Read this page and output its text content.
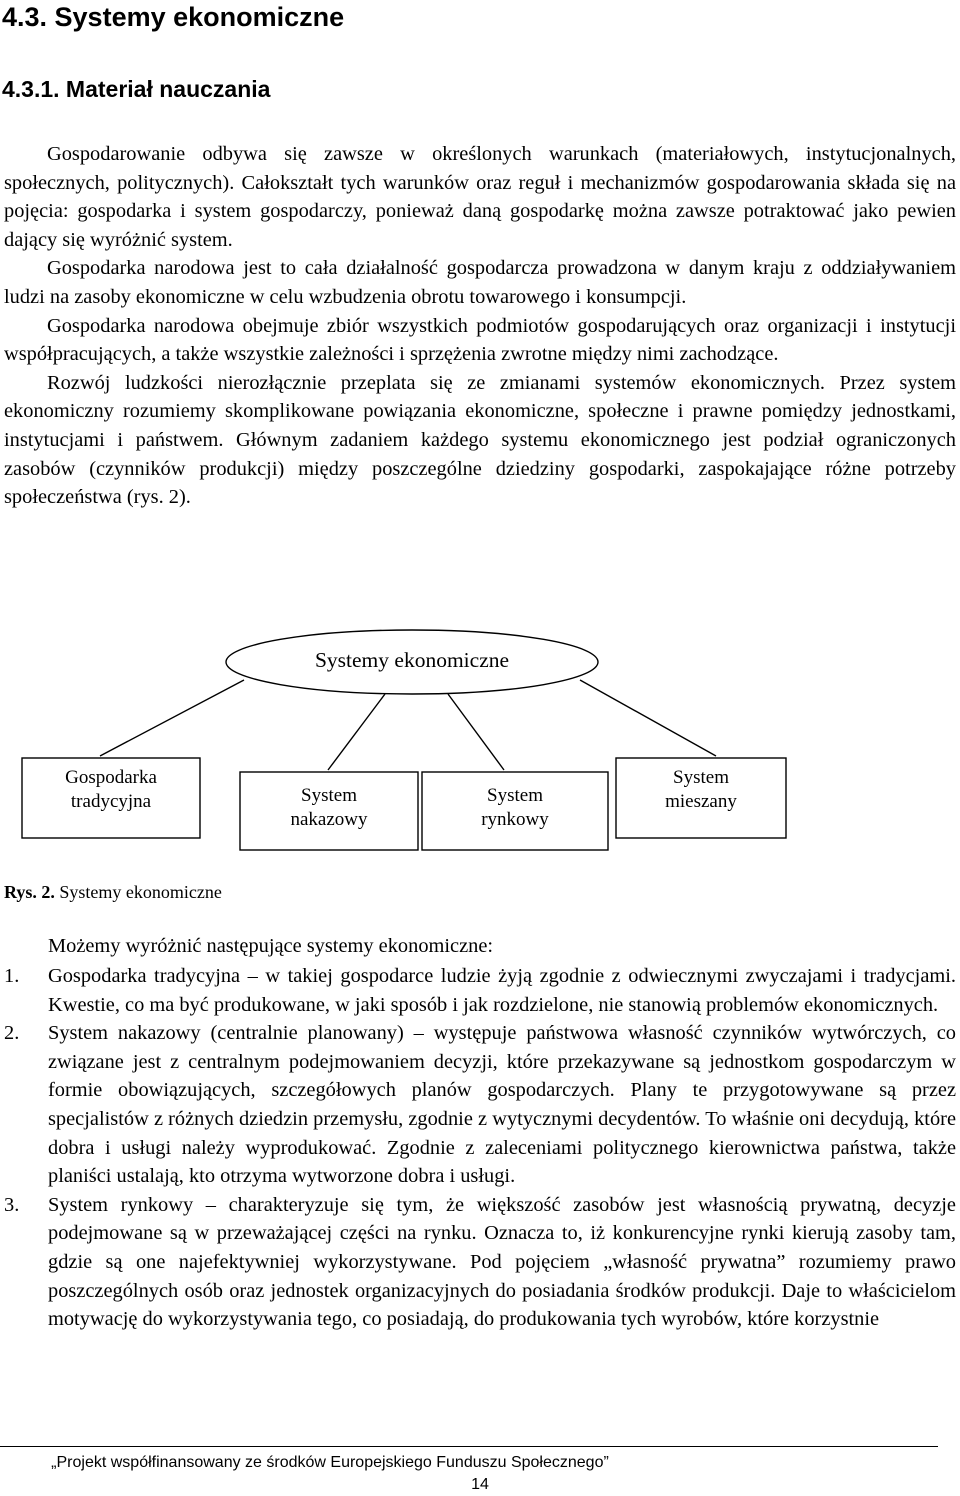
4.3. Systemy ekonomiczne
4.3.1. Materiał nauczania

Gospodarowanie odbywa się zawsze w określonych warunkach (materiałowych, instytucjonalnych, społecznych, politycznych). Całokształt tych warunków oraz reguł i mechanizmów gospodarowania składa się na pojęcia: gospodarka i system gospodarczy, ponieważ daną gospodarkę można zawsze potraktować jako pewien dający się wyróżnić system.

Gospodarka narodowa jest to cała działalność gospodarcza prowadzona w danym kraju z oddziaływaniem ludzi na zasoby ekonomiczne w celu wzbudzenia obrotu towarowego i konsumpcji.

Gospodarka narodowa obejmuje zbiór wszystkich podmiotów gospodarujących oraz organizacji i instytucji współpracujących, a także wszystkie zależności i sprzężenia zwrotne między nimi zachodzące.

Rozwój ludzkości nierozłącznie przeplata się ze zmianami systemów ekonomicznych. Przez system ekonomiczny rozumiemy skomplikowane powiązania ekonomiczne, społeczne i prawne pomiędzy jednostkami, instytucjami i państwem. Głównym zadaniem każdego systemu ekonomicznego jest podział ograniczonych zasobów (czynników produkcji) między poszczególne dziedziny gospodarki, zaspokajające różne potrzeby społeczeństwa (rys. 2).

Systemy ekonomiczne
Gospodarka
tradycyjna	System
nakazowy
System
rynkowy
System
mieszany
Rys. 2. Systemy ekonomiczne
Możemy wyróżnić następujące systemy ekonomiczne:
1. Gospodarka tradycyjna – w takiej gospodarce ludzie żyją zgodnie z odwiecznymi zwyczajami i tradycjami. Kwestie, co ma być produkowane, w jaki sposób i jak rozdzielone, nie stanowią problemów ekonomicznych.
2. System nakazowy (centralnie planowany) – występuje państwowa własność czynników wytwórczych, co związane jest z centralnym podejmowaniem decyzji, które przekazywane są jednostkom gospodarczym w formie obowiązujących, szczegółowych planów gospodarczych. Plany te przygotowywane są przez specjalistów z różnych dziedzin przemysłu, zgodnie z wytycznymi decydentów. To właśnie oni decydują, które dobra i usługi należy wyprodukować. Zgodnie z zaleceniami politycznego kierownictwa państwa, także planiści ustalają, kto otrzyma wytworzone dobra i usługi.
3. System rynkowy – charakteryzuje się tym, że większość zasobów jest własnością prywatną, decyzje podejmowane są w przeważającej części na rynku. Oznacza to, iż konkurencyjne rynki kierują zasoby tam, gdzie są one najefektywniej wykorzystywane. Pod pojęciem „własność prywatna” rozumiemy prawo poszczególnych osób oraz jednostek organizacyjnych do posiadania środków produkcji. Daje to właścicielom motywację do wykorzystywania tego, co posiadają, do produkowania tych wyrobów, które korzystnie
„Projekt współfinansowany ze środków Europejskiego Funduszu Społecznego”
14
